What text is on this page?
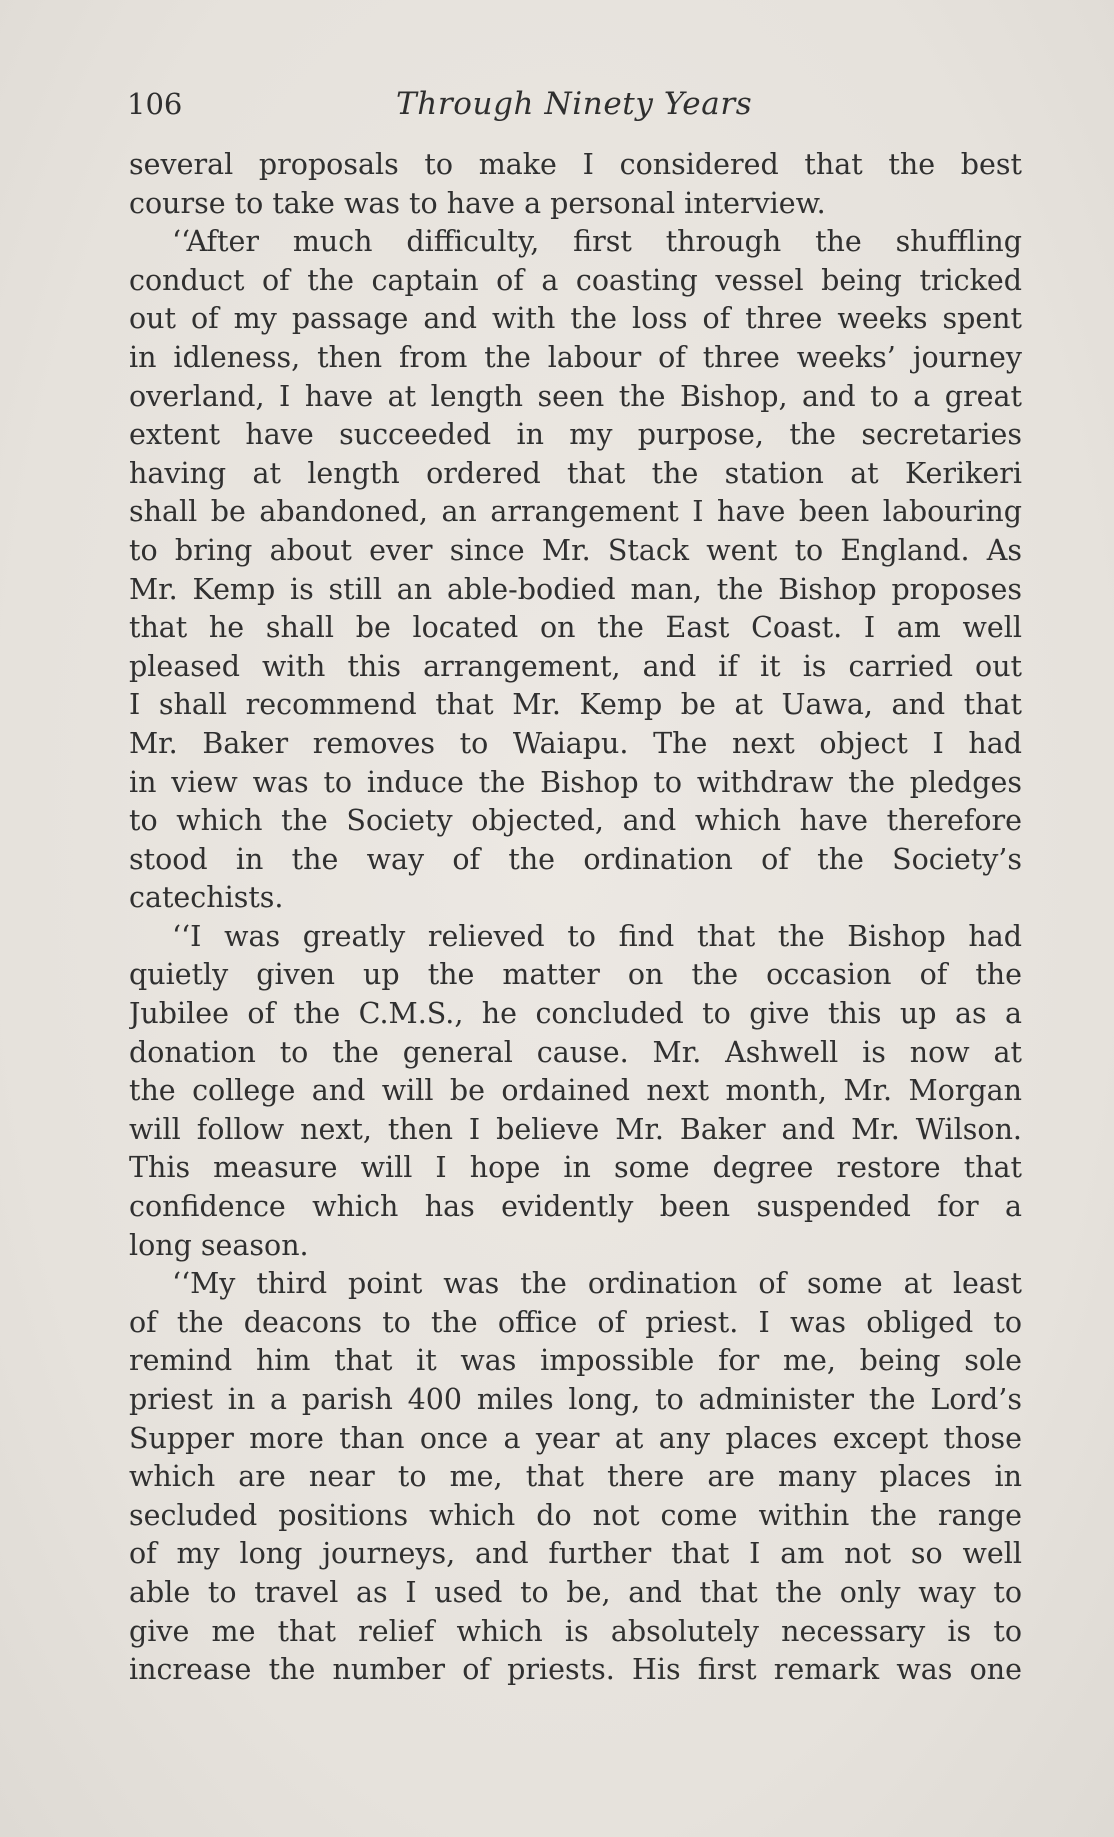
106	Through Ninety Years
several proposals to make I considered that the best
course to take was to have a personal interview.
‘‘After much difficulty, first through the shuffling
conduct of the captain of a coasting vessel being tricked
out of my passage and with the loss of three weeks spent
in idleness, then from the labour of three weeks’ journey
overland, I have at length seen the Bishop, and to a great
extent have succeeded in my purpose, the secretaries
having at length ordered that the station at Kerikeri
shall be abandoned, an arrangement I have been labouring
to bring about ever since Mr. Stack went to England. As
Mr. Kemp is still an able-bodied man, the Bishop proposes
that he shall be located on the East Coast. I am well
pleased with this arrangement, and if it is carried out
I shall recommend that Mr. Kemp be at Uawa, and that
Mr. Baker removes to Waiapu. The next object I had
in view was to induce the Bishop to withdraw the pledges
to which the Society objected, and which have therefore
stood in the way of the ordination of the Society’s
catechists.
‘‘I was greatly relieved to find that the Bishop had
quietly given up the matter on the occasion of the
Jubilee of the C.M.S., he concluded to give this up as a
donation to the general cause. Mr. Ashwell is now at
the college and will be ordained next month, Mr. Morgan
will follow next, then I believe Mr. Baker and Mr. Wilson.
This measure will I hope in some degree restore that
confidence which has evidently been suspended for a
long season.
‘‘My third point was the ordination of some at least
of the deacons to the office of priest. I was obliged to
remind him that it was impossible for me, being sole
priest in a parish 400 miles long, to administer the Lord’s
Supper more than once a year at any places except those
which are near to me, that there are many places in
secluded positions which do not come within the range
of my long journeys, and further that I am not so well
able to travel as I used to be, and that the only way to
give me that relief which is absolutely necessary is to
increase the number of priests. His first remark was one
